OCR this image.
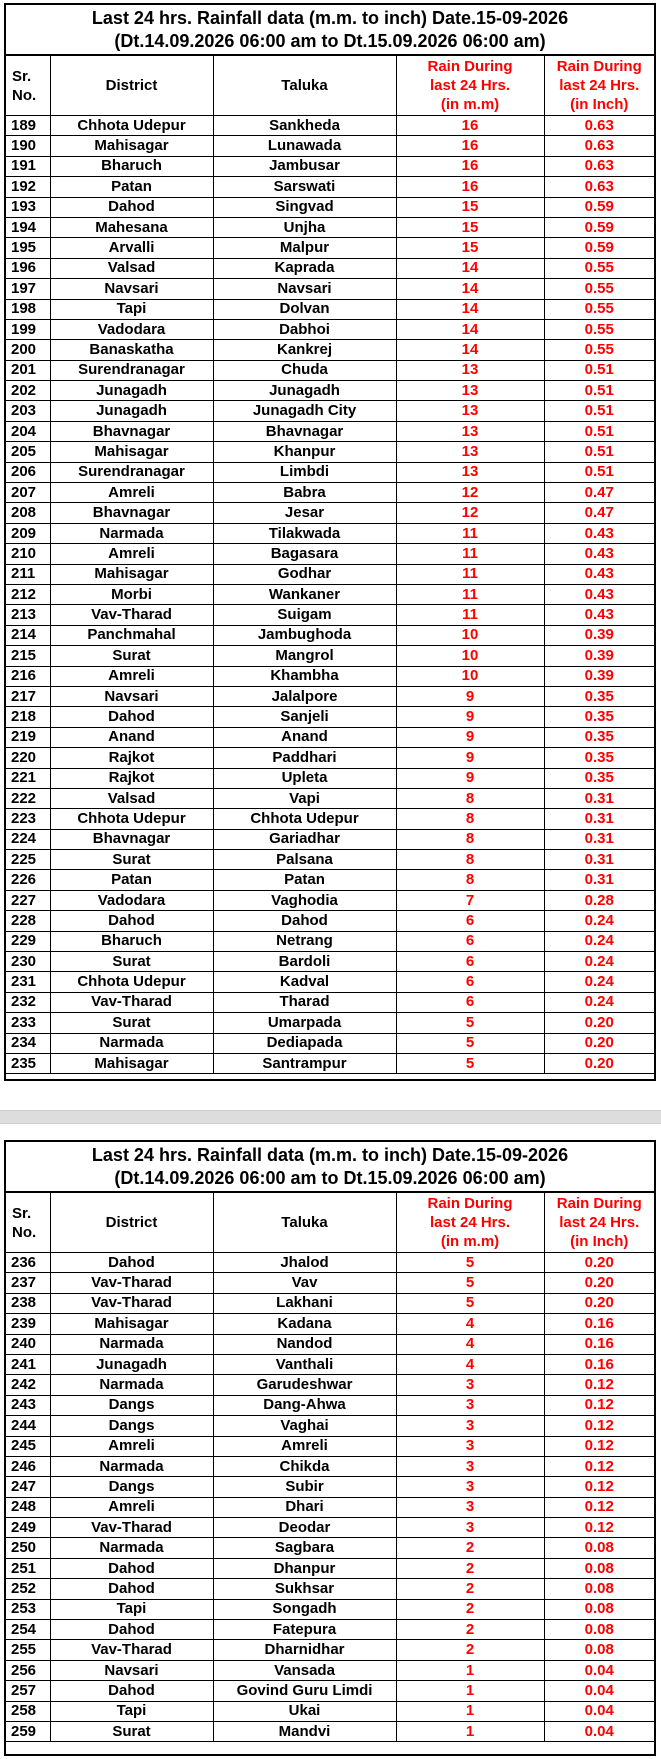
Last 24 hrs. Rainfall data (m.m. to inch) Date.15-09-2026
(Dt.14.09.2026 06:00 am to Dt.15.09.2026 06:00 am)
Sr.
No.	District	Taluka	Rain During
last 24 Hrs.
(in m.m)	Rain During
last 24 Hrs.
(in Inch)
189	Chhota Udepur	Sankheda	16	0.63
190	Mahisagar	Lunawada	16	0.63
191	Bharuch	Jambusar	16	0.63
192	Patan	Sarswati	16	0.63
193	Dahod	Singvad	15	0.59
194	Mahesana	Unjha	15	0.59
195	Arvalli	Malpur	15	0.59
196	Valsad	Kaprada	14	0.55
197	Navsari	Navsari	14	0.55
198	Tapi	Dolvan	14	0.55
199	Vadodara	Dabhoi	14	0.55
200	Banaskatha	Kankrej	14	0.55
201	Surendranagar	Chuda	13	0.51
202	Junagadh	Junagadh	13	0.51
203	Junagadh	Junagadh City	13	0.51
204	Bhavnagar	Bhavnagar	13	0.51
205	Mahisagar	Khanpur	13	0.51
206	Surendranagar	Limbdi	13	0.51
207	Amreli	Babra	12	0.47
208	Bhavnagar	Jesar	12	0.47
209	Narmada	Tilakwada	11	0.43
210	Amreli	Bagasara	11	0.43
211	Mahisagar	Godhar	11	0.43
212	Morbi	Wankaner	11	0.43
213	Vav-Tharad	Suigam	11	0.43
214	Panchmahal	Jambughoda	10	0.39
215	Surat	Mangrol	10	0.39
216	Amreli	Khambha	10	0.39
217	Navsari	Jalalpore	9	0.35
218	Dahod	Sanjeli	9	0.35
219	Anand	Anand	9	0.35
220	Rajkot	Paddhari	9	0.35
221	Rajkot	Upleta	9	0.35
222	Valsad	Vapi	8	0.31
223	Chhota Udepur	Chhota Udepur	8	0.31
224	Bhavnagar	Gariadhar	8	0.31
225	Surat	Palsana	8	0.31
226	Patan	Patan	8	0.31
227	Vadodara	Vaghodia	7	0.28
228	Dahod	Dahod	6	0.24
229	Bharuch	Netrang	6	0.24
230	Surat	Bardoli	6	0.24
231	Chhota Udepur	Kadval	6	0.24
232	Vav-Tharad	Tharad	6	0.24
233	Surat	Umarpada	5	0.20
234	Narmada	Dediapada	5	0.20
235	Mahisagar	Santrampur	5	0.20
Last 24 hrs. Rainfall data (m.m. to inch) Date.15-09-2026
(Dt.14.09.2026 06:00 am to Dt.15.09.2026 06:00 am)
Sr.
No.	District	Taluka	Rain During
last 24 Hrs.
(in m.m)	Rain During
last 24 Hrs.
(in Inch)
236	Dahod	Jhalod	5	0.20
237	Vav-Tharad	Vav	5	0.20
238	Vav-Tharad	Lakhani	5	0.20
239	Mahisagar	Kadana	4	0.16
240	Narmada	Nandod	4	0.16
241	Junagadh	Vanthali	4	0.16
242	Narmada	Garudeshwar	3	0.12
243	Dangs	Dang-Ahwa	3	0.12
244	Dangs	Vaghai	3	0.12
245	Amreli	Amreli	3	0.12
246	Narmada	Chikda	3	0.12
247	Dangs	Subir	3	0.12
248	Amreli	Dhari	3	0.12
249	Vav-Tharad	Deodar	3	0.12
250	Narmada	Sagbara	2	0.08
251	Dahod	Dhanpur	2	0.08
252	Dahod	Sukhsar	2	0.08
253	Tapi	Songadh	2	0.08
254	Dahod	Fatepura	2	0.08
255	Vav-Tharad	Dharnidhar	2	0.08
256	Navsari	Vansada	1	0.04
257	Dahod	Govind Guru Limdi	1	0.04
258	Tapi	Ukai	1	0.04
259	Surat	Mandvi	1	0.04
